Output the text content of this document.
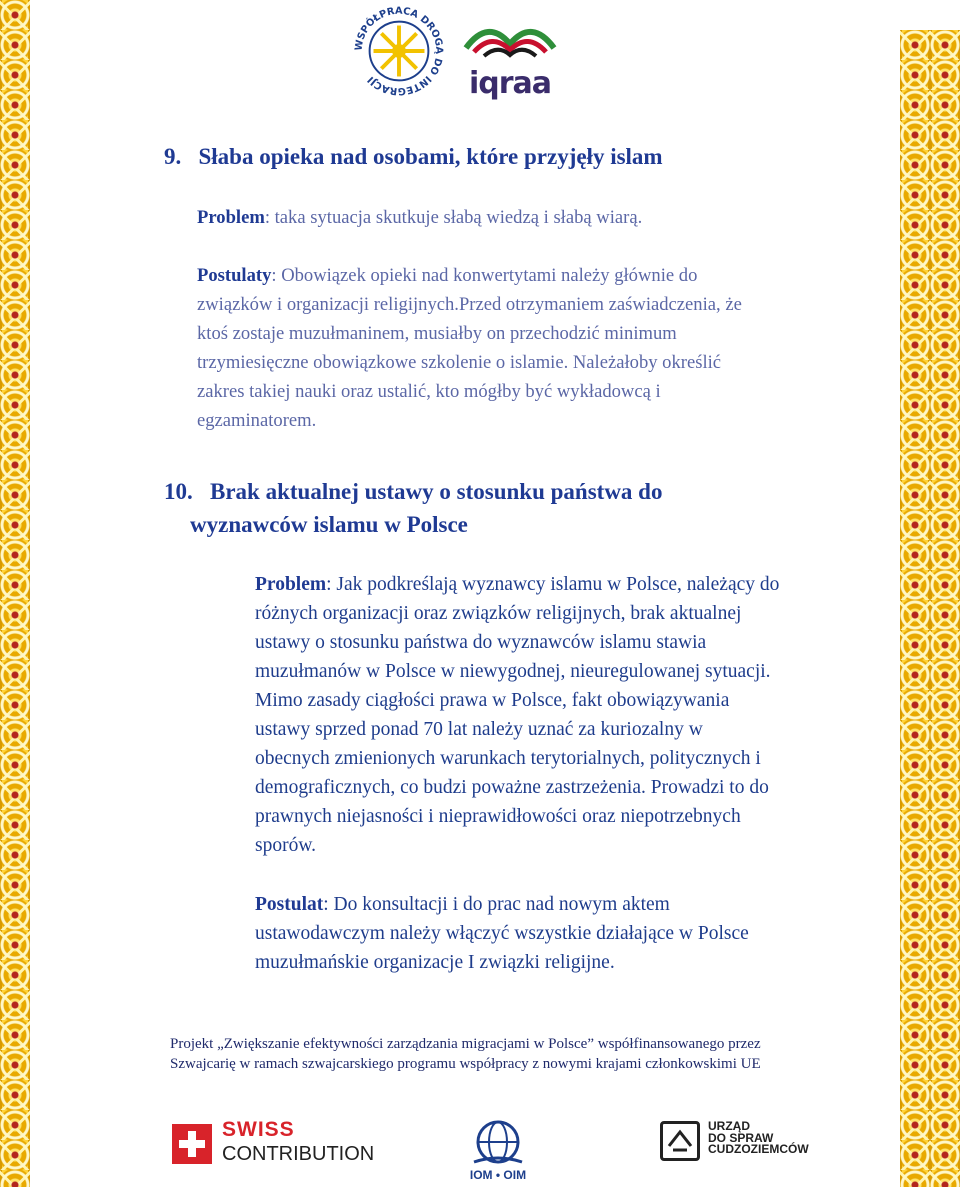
WSPÓŁPRACA DROGĄ DO INTEGRACJI	iqraa
9.   Słaba opieka nad osobami, które przyjęły islam
Problem: taka sytuacja skutkuje słabą wiedzą i słabą wiarą.
Postulaty: Obowiązek opieki nad konwertytami należy głównie do
związków i organizacji religijnych.Przed otrzymaniem zaświadczenia, że
ktoś zostaje muzułmaninem, musiałby on przechodzić minimum
trzymiesięczne obowiązkowe szkolenie o islamie. Należałoby określić
zakres takiej nauki oraz ustalić, kto mógłby być wykładowcą i
egzaminatorem.
10.   Brak aktualnej ustawy o stosunku państwa do
wyznawców islamu w Polsce
Problem: Jak podkreślają wyznawcy islamu w Polsce, należący do
różnych organizacji oraz związków religijnych, brak aktualnej
ustawy o stosunku państwa do wyznawców islamu stawia
muzułmanów w Polsce w niewygodnej, nieuregulowanej sytuacji.
Mimo zasady ciągłości prawa w Polsce, fakt obowiązywania
ustawy sprzed ponad 70 lat należy uznać za kuriozalny w
obecnych zmienionych warunkach terytorialnych, politycznych i
demograficznych, co budzi poważne zastrzeżenia. Prowadzi to do
prawnych niejasności i nieprawidłowości oraz niepotrzebnych
sporów.
Postulat: Do konsultacji i do prac nad nowym aktem
ustawodawczym należy włączyć wszystkie działające w Polsce
muzułmańskie organizacje I związki religijne.
Projekt „Zwiększanie efektywności zarządzania migracjami w Polsce” współfinansowanego przez
Szwajcarię w ramach szwajcarskiego programu współpracy z nowymi krajami członkowskimi UE
SWISS
CONTRIBUTION
IOM • OIM
URZĄD
DO SPRAW
CUDZOZIEMCÓW
